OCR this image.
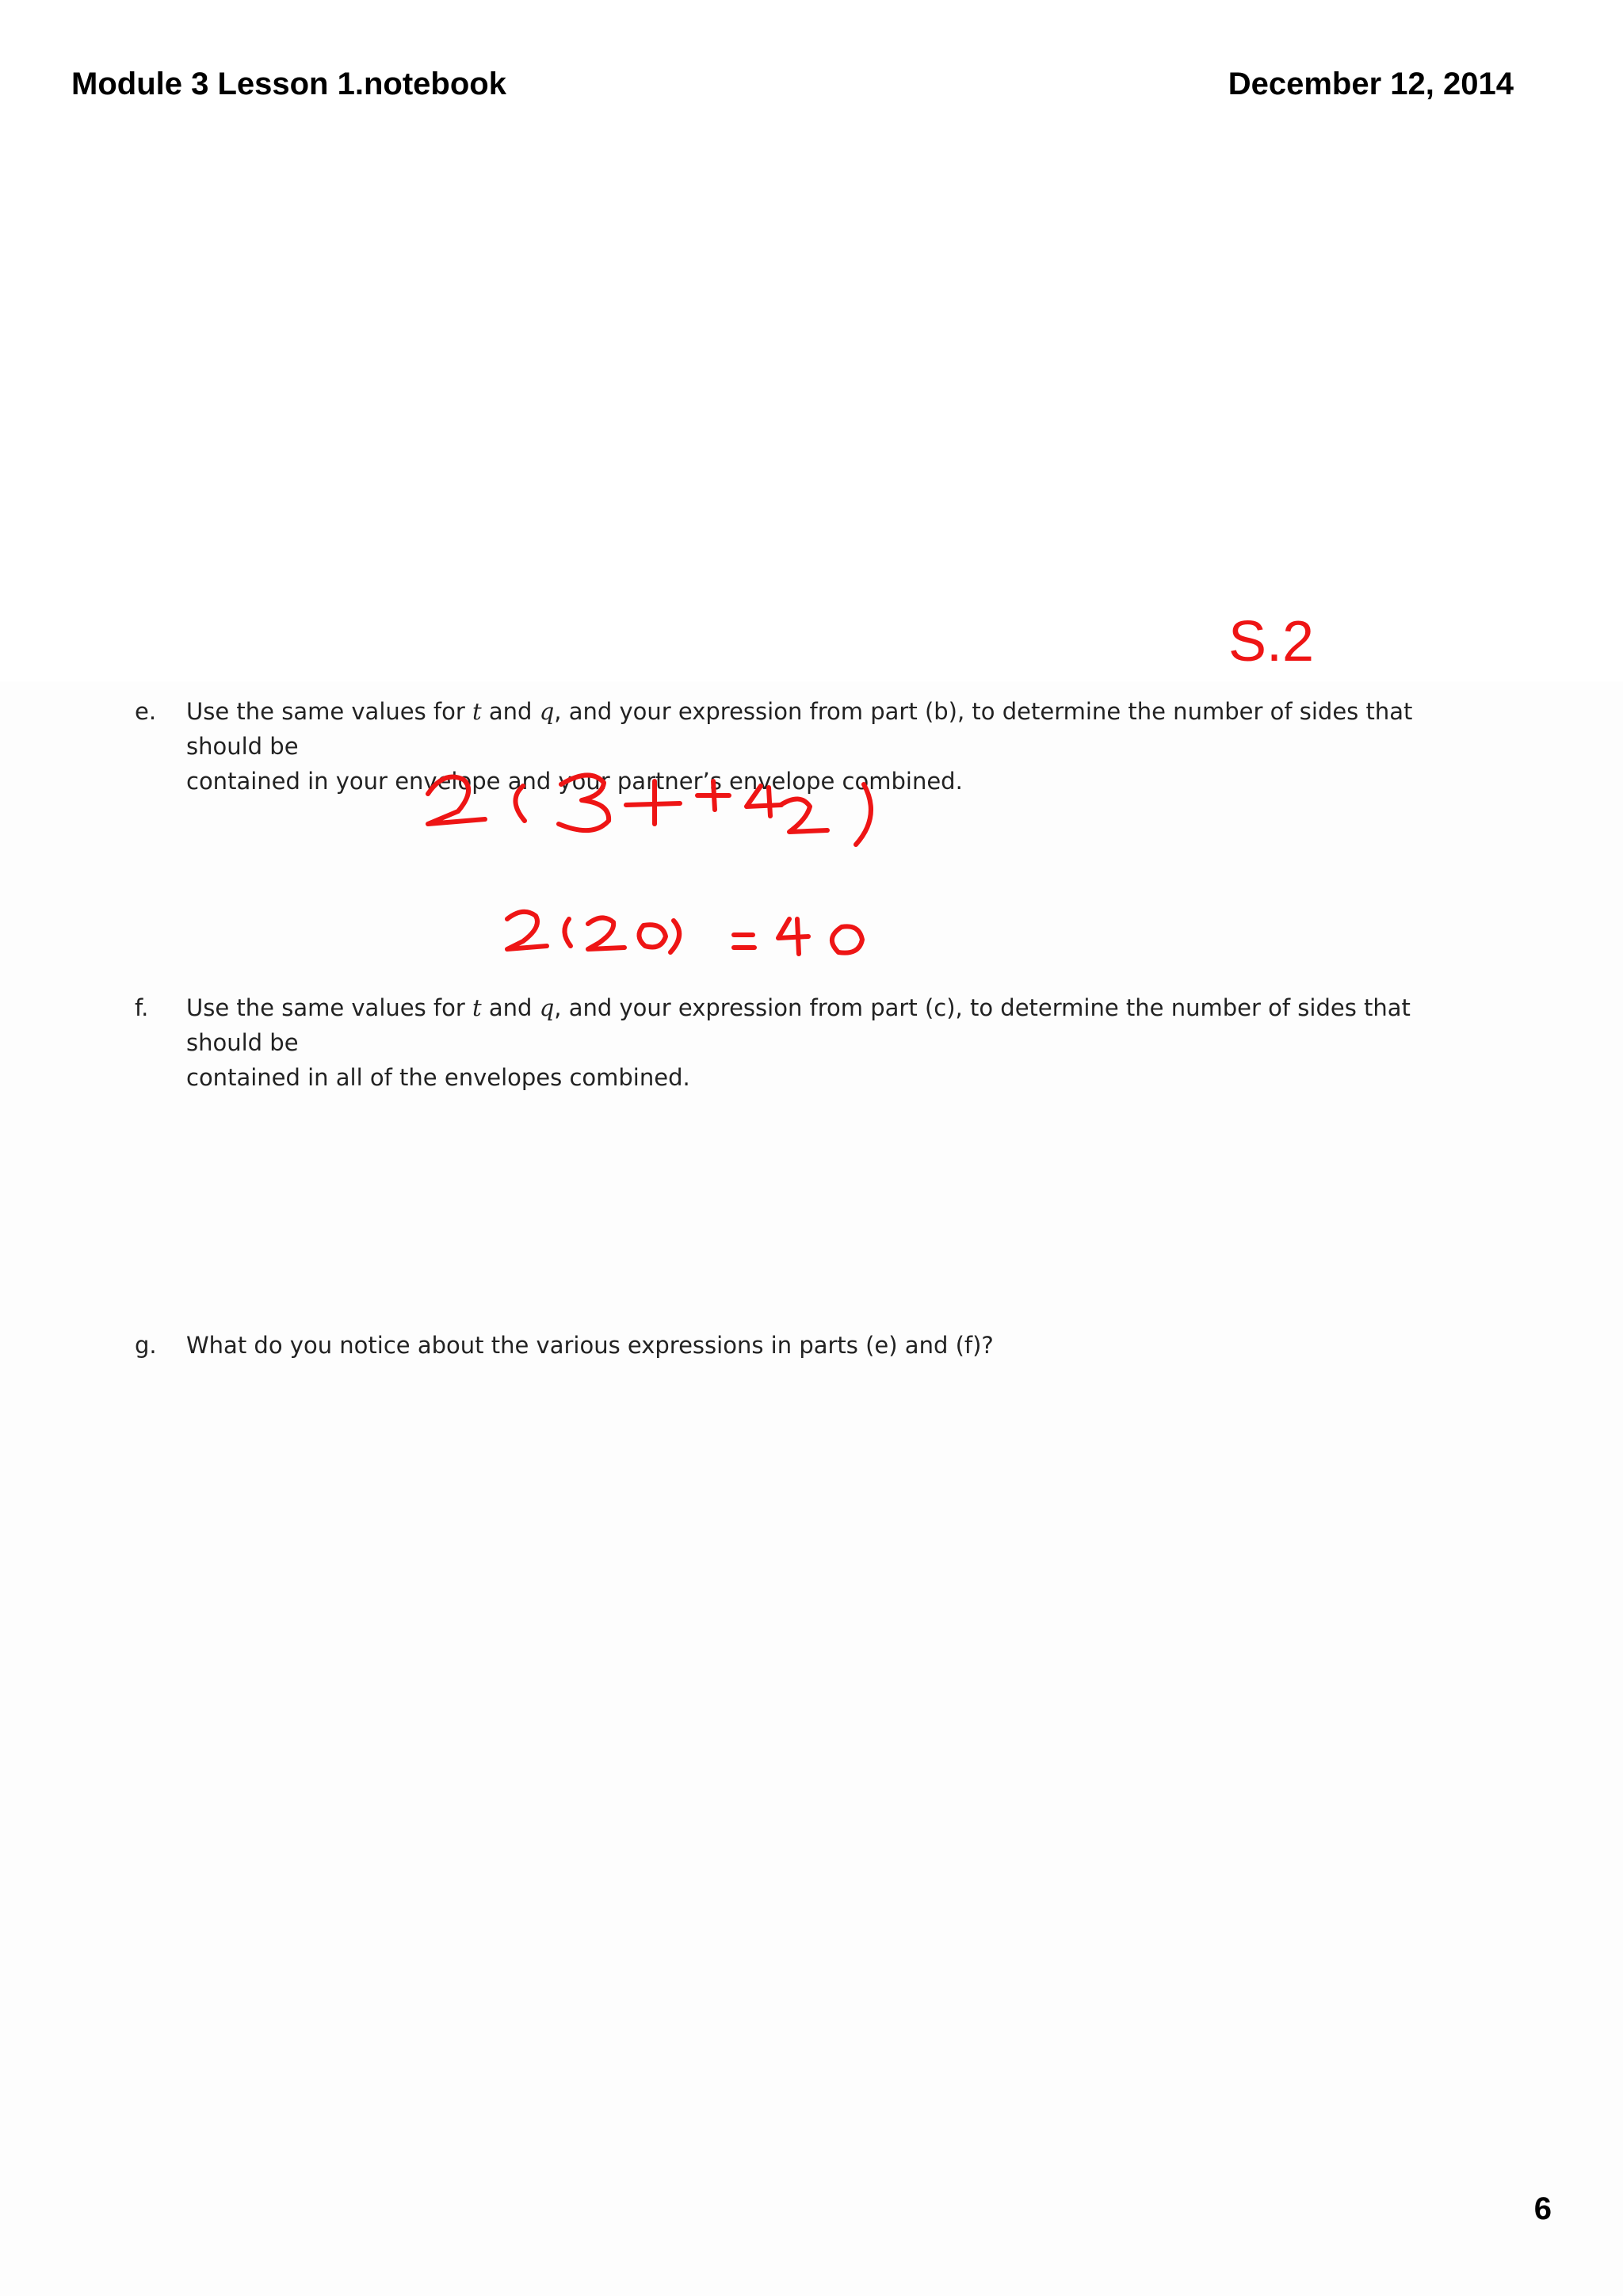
Module 3 Lesson 1.notebook	December 12, 2014
S.2
e. Use the same values for t and q, and your expression from part (b), to determine the number of sides that should be
contained in your envelope and your partner’s envelope combined.
f. Use the same values for t and q, and your expression from part (c), to determine the number of sides that should be
contained in all of the envelopes combined.
g. What do you notice about the various expressions in parts (e) and (f)?
6
